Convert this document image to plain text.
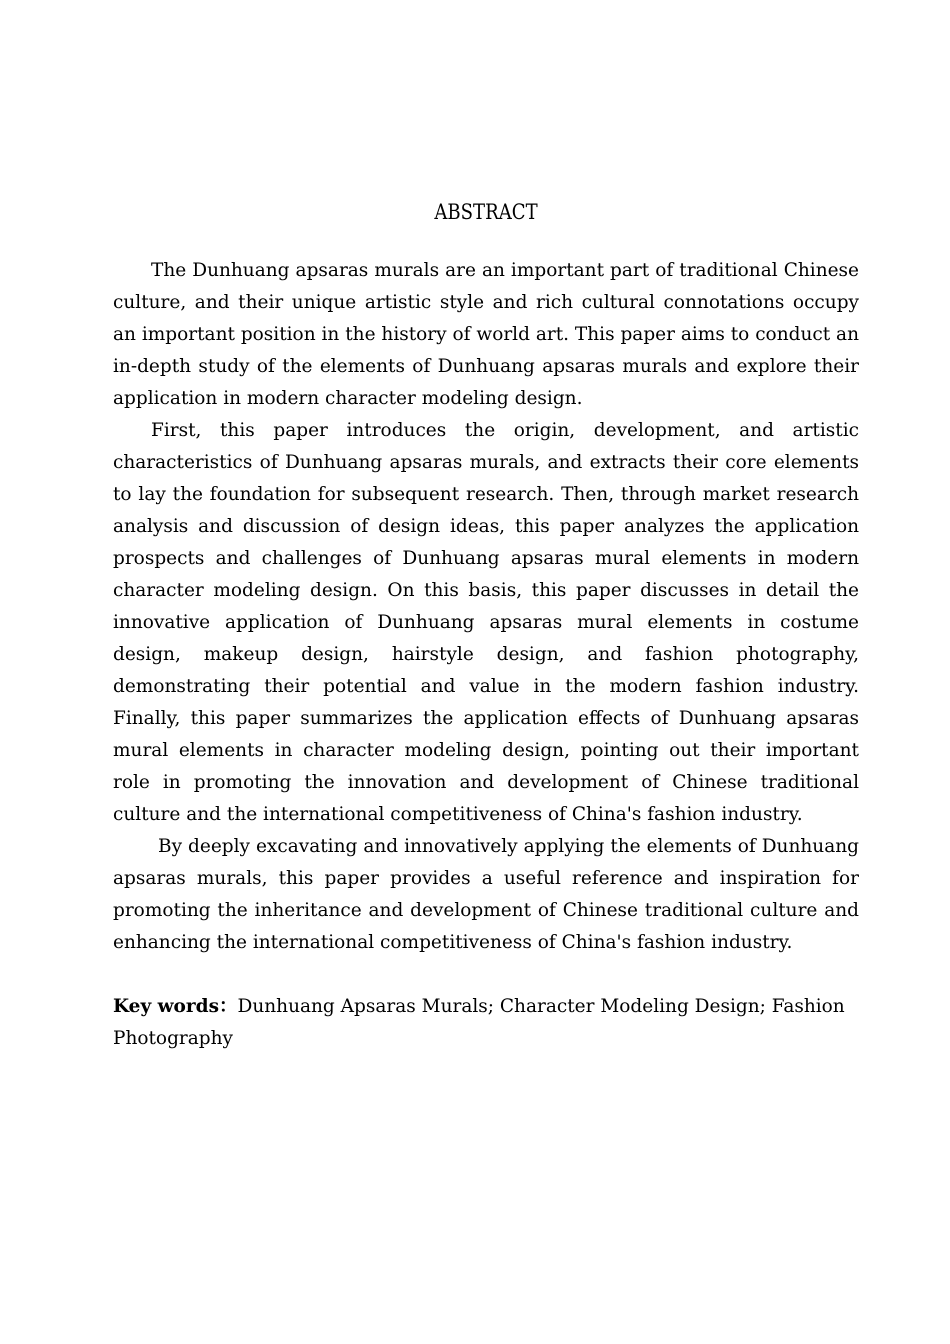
ABSTRACT

The Dunhuang apsaras murals are an important part of traditional Chinese culture, and their unique artistic style and rich cultural connotations occupy an important position in the history of world art. This paper aims to conduct an in-depth study of the elements of Dunhuang apsaras murals and explore their application in modern character modeling design.

First, this paper introduces the origin, development, and artistic characteristics of Dunhuang apsaras murals, and extracts their core elements to lay the foundation for subsequent research. Then, through market research analysis and discussion of design ideas, this paper analyzes the application prospects and challenges of Dunhuang apsaras mural elements in modern character modeling design. On this basis, this paper discusses in detail the innovative application of Dunhuang apsaras mural elements in costume design, makeup design, hairstyle design, and fashion photography, demonstrating their potential and value in the modern fashion industry. Finally, this paper summarizes the application effects of Dunhuang apsaras mural elements in character modeling design, pointing out their important role in promoting the innovation and development of Chinese traditional culture and the international competitiveness of China's fashion industry.

By deeply excavating and innovatively applying the elements of Dunhuang apsaras murals, this paper provides a useful reference and inspiration for promoting the inheritance and development of Chinese traditional culture and enhancing the international competitiveness of China's fashion industry.

Key words：Dunhuang Apsaras Murals; Character Modeling Design; Fashion Photography
